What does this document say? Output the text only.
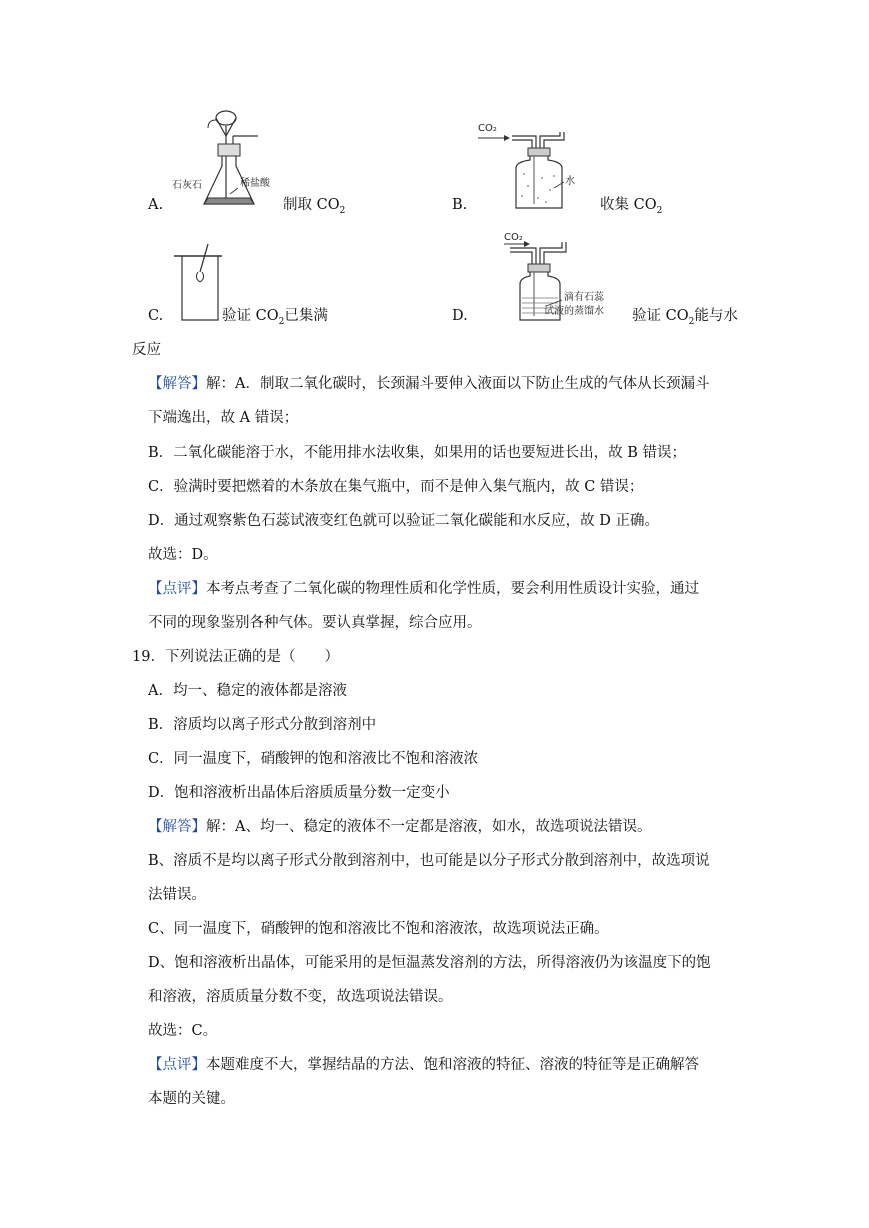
A.
石灰石	稀盐酸
制取 $CO_2$	B.
CO₂
水
收集 $CO_2$
C.	验证 $CO_2$已集满	D.
CO₂
滴有石蕊
试液的蒸馏水 验证 $CO_2$能与水
反应
【解答】解：A．制取二氧化碳时，长颈漏斗要伸入液面以下防止生成的气体从长颈漏斗
下端逸出，故 A 错误；
B．二氧化碳能溶于水，不能用排水法收集，如果用的话也要短进长出，故 B 错误；
C．验满时要把燃着的木条放在集气瓶中，而不是伸入集气瓶内，故 C 错误；
D．通过观察紫色石蕊试液变红色就可以验证二氧化碳能和水反应，故 D 正确。
故选：D。
【点评】本考点考查了二氧化碳的物理性质和化学性质，要会利用性质设计实验，通过
不同的现象鉴别各种气体。要认真掌握，综合应用。
19．下列说法正确的是（　　）
A．均一、稳定的液体都是溶液
B．溶质均以离子形式分散到溶剂中
C．同一温度下，硝酸钾的饱和溶液比不饱和溶液浓
D．饱和溶液析出晶体后溶质质量分数一定变小
【解答】解：A、均一、稳定的液体不一定都是溶液，如水，故选项说法错误。
B、溶质不是均以离子形式分散到溶剂中，也可能是以分子形式分散到溶剂中，故选项说
法错误。
C、同一温度下，硝酸钾的饱和溶液比不饱和溶液浓，故选项说法正确。
D、饱和溶液析出晶体，可能采用的是恒温蒸发溶剂的方法，所得溶液仍为该温度下的饱
和溶液，溶质质量分数不变，故选项说法错误。
故选：C。
【点评】本题难度不大，掌握结晶的方法、饱和溶液的特征、溶液的特征等是正确解答
本题的关键。
